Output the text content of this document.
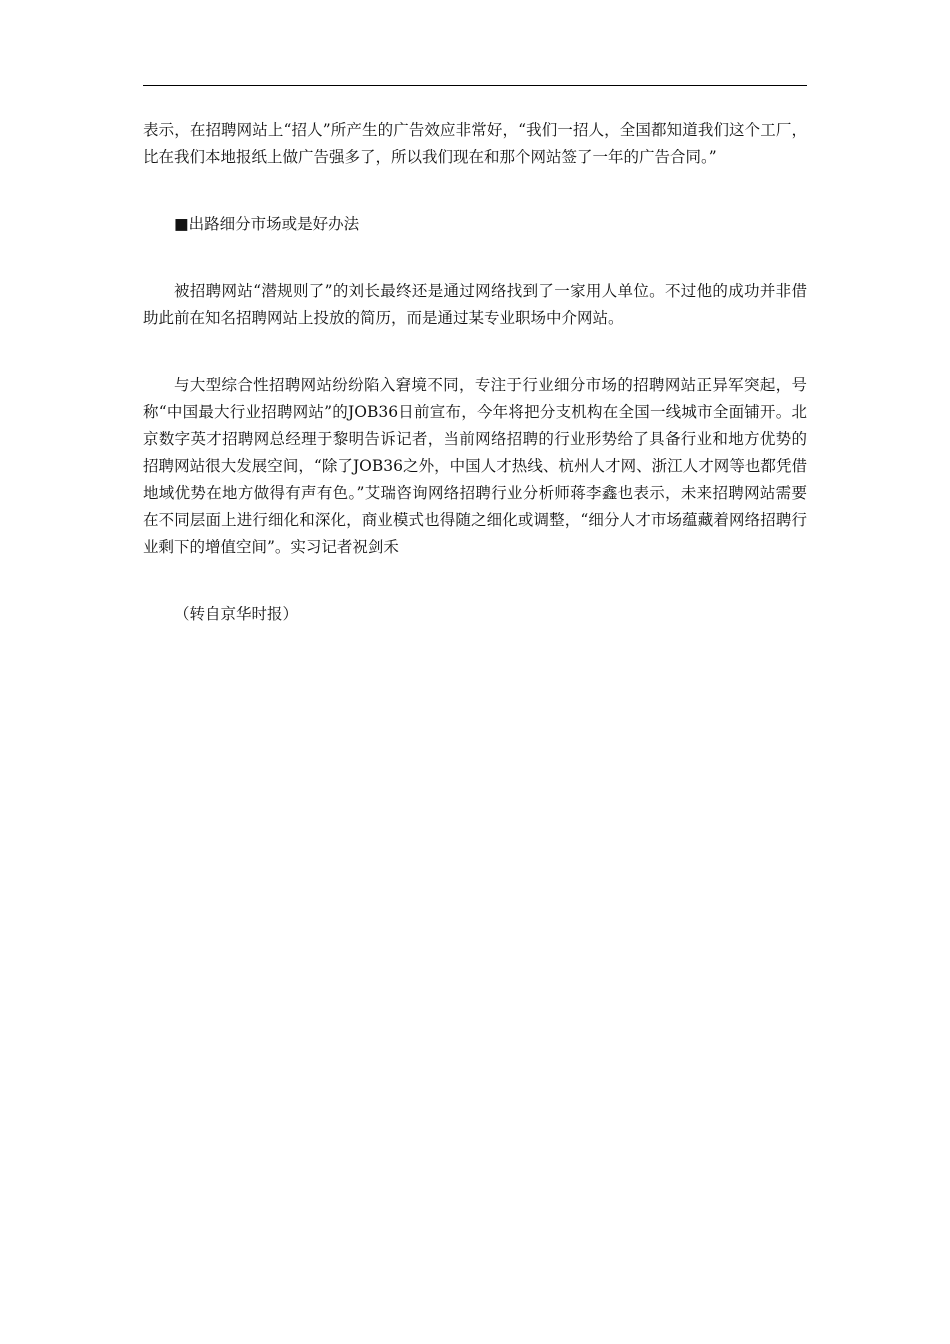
表示，在招聘网站上“招人”所产生的广告效应非常好，“我们一招人，全国都知道我们这个工厂，比在我们本地报纸上做广告强多了，所以我们现在和那个网站签了一年的广告合同。”

■出路细分市场或是好办法

被招聘网站“潜规则了”的刘长最终还是通过网络找到了一家用人单位。不过他的成功并非借助此前在知名招聘网站上投放的简历，而是通过某专业职场中介网站。

与大型综合性招聘网站纷纷陷入窘境不同，专注于行业细分市场的招聘网站正异军突起，号称“中国最大行业招聘网站”的JOB36日前宣布，今年将把分支机构在全国一线城市全面铺开。北京数字英才招聘网总经理于黎明告诉记者，当前网络招聘的行业形势给了具备行业和地方优势的招聘网站很大发展空间，“除了JOB36之外，中国人才热线、杭州人才网、浙江人才网等也都凭借地域优势在地方做得有声有色。”艾瑞咨询网络招聘行业分析师蒋李鑫也表示，未来招聘网站需要在不同层面上进行细化和深化，商业模式也得随之细化或调整，“细分人才市场蕴藏着网络招聘行业剩下的增值空间”。实习记者祝剑禾

（转自京华时报）
